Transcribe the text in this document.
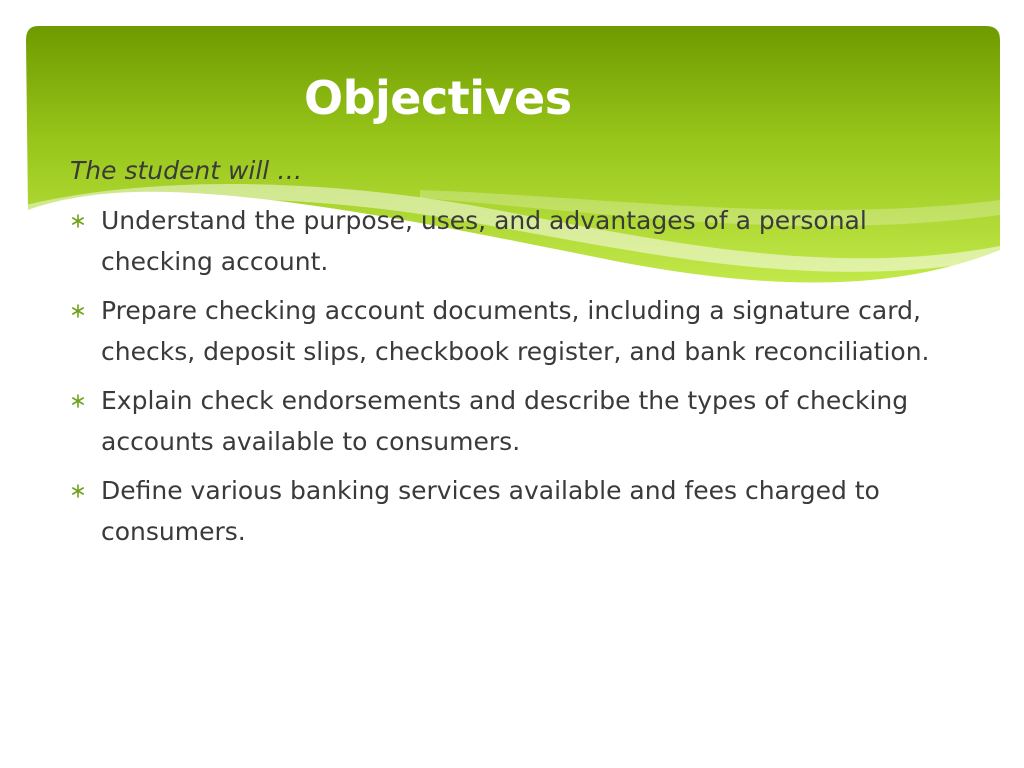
Objectives

The student will …

Understand the purpose, uses, and advantages of a personal checking account.
Prepare checking account documents, including a signature card, checks, deposit slips, checkbook register, and bank reconciliation.
Explain check endorsements and describe the types of checking accounts available to consumers.
Define various banking services available and fees charged to consumers.
